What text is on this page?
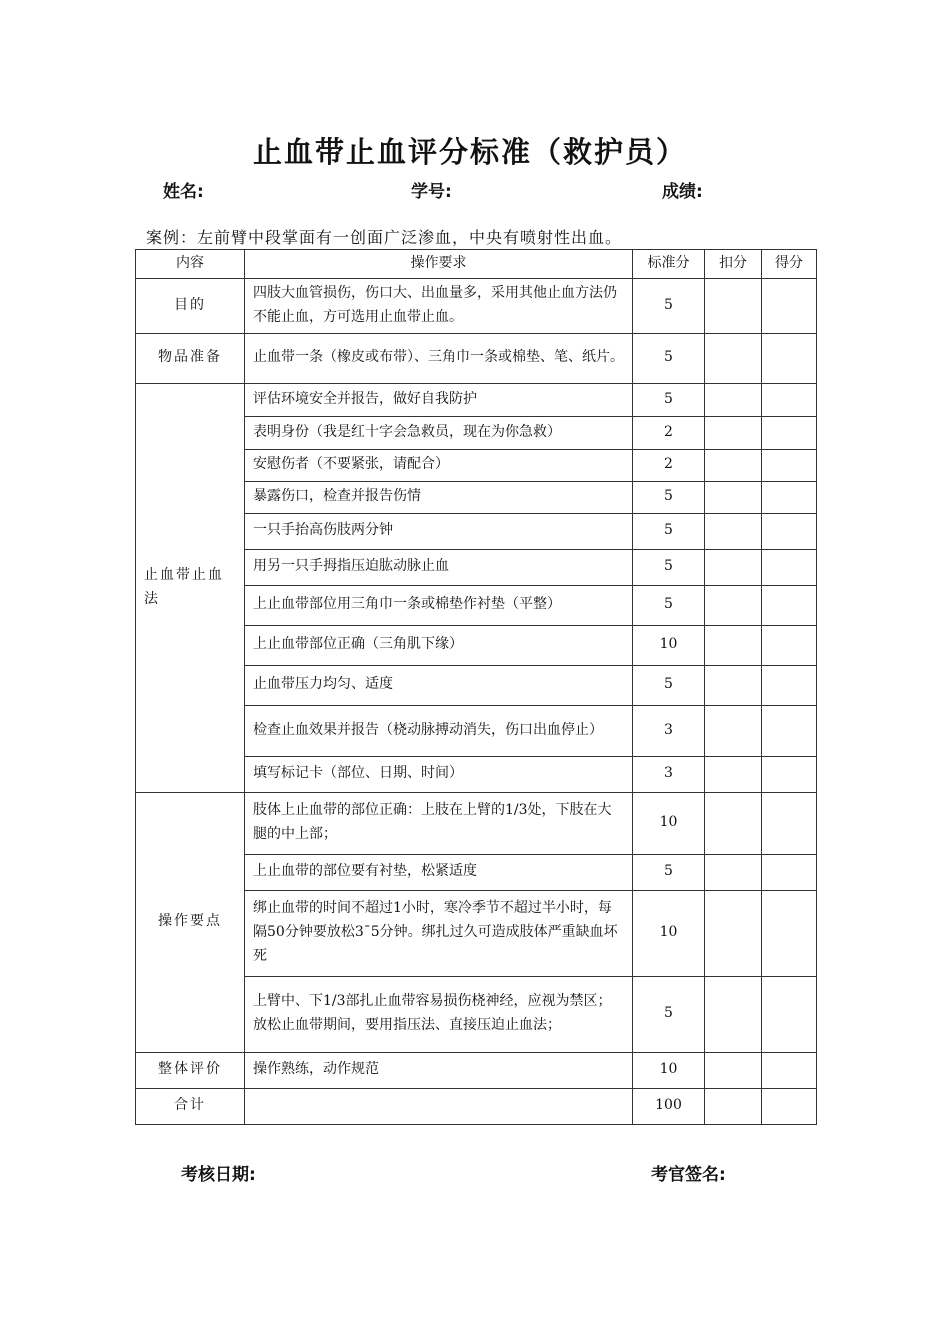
止血带止血评分标准（救护员）
姓名:	学号:	成绩:
案例：左前臂中段掌面有一创面广泛渗血，中央有喷射性出血。
内容	操作要求	标准分	扣分	得分
目的	四肢大血管损伤，伤口大、出血量多，采用其他止血方法仍不能止血，方可选用止血带止血。	5		
物品准备	止血带一条（橡皮或布带）、三角巾一条或棉垫、笔、纸片。	5		
止血带止血法	评估环境安全并报告，做好自我防护	5		
	表明身份（我是红十字会急救员，现在为你急救）	2		
	安慰伤者（不要紧张，请配合）	2		
	暴露伤口，检查并报告伤情	5		
	一只手抬高伤肢两分钟	5		
	用另一只手拇指压迫肱动脉止血	5		
	上止血带部位用三角巾一条或棉垫作衬垫（平整）	5		
	上止血带部位正确（三角肌下缘）	10		
	止血带压力均匀、适度	5		
	检查止血效果并报告（桡动脉搏动消失，伤口出血停止）	3		
	填写标记卡（部位、日期、时间）	3		
操作要点	肢体上止血带的部位正确：上肢在上臂的1/3处，下肢在大腿的中上部；	10		
	上止血带的部位要有衬垫，松紧适度	5		
	绑止血带的时间不超过1小时，寒冷季节不超过半小时，每隔50分钟要放松3¯5分钟。绑扎过久可造成肢体严重缺血坏死	10		
	上臂中、下1/3部扎止血带容易损伤桡神经，应视为禁区；放松止血带期间，要用指压法、直接压迫止血法；	5		
整体评价	操作熟练，动作规范	10		
合计		100		
考核日期:	考官签名:
